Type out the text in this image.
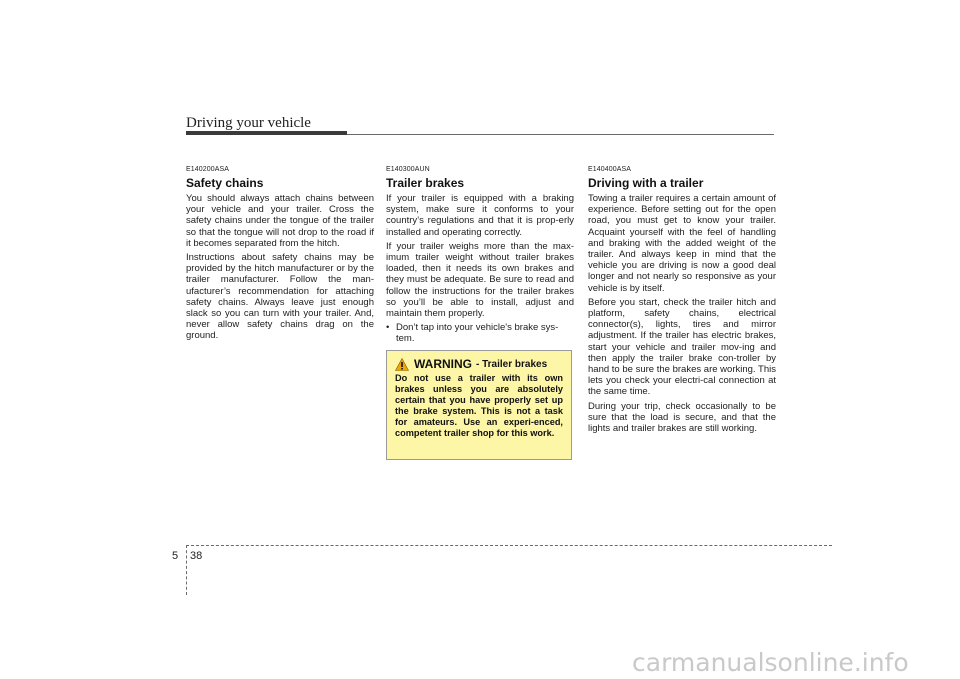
Driving your vehicle
E140200ASA
Safety chains

You should always attach chains between your vehicle and your trailer. Cross the safety chains under the tongue of the trailer so that the tongue will not drop to the road if it becomes separated from the hitch.

Instructions about safety chains may be provided by the hitch manufacturer or by the trailer manufacturer. Follow the man-ufacturer’s recommendation for attaching safety chains. Always leave just enough slack so you can turn with your trailer. And, never allow safety chains drag on the ground.

E140300AUN
Trailer brakes

If your trailer is equipped with a braking system, make sure it conforms to your country’s regulations and that it is prop-erly installed and operating correctly.

If your trailer weighs more than the max-imum trailer weight without trailer brakes loaded, then it needs its own brakes and they must be adequate. Be sure to read and follow the instructions for the trailer brakes so you’ll be able to install, adjust and maintain them properly.

• Don’t tap into your vehicle's brake sys-tem.
WARNING - Trailer brakes
Do not use a trailer with its own brakes unless you are absolutely certain that you have properly set up the brake system. This is not a task for amateurs. Use an experi-enced, competent trailer shop for this work.
E140400ASA
Driving with a trailer

Towing a trailer requires a certain amount of experience. Before setting out for the open road, you must get to know your trailer. Acquaint yourself with the feel of handling and braking with the added weight of the trailer. And always keep in mind that the vehicle you are driving is now a good deal longer and not nearly so responsive as your vehicle is by itself.

Before you start, check the trailer hitch and platform, safety chains, electrical connector(s), lights, tires and mirror adjustment. If the trailer has electric brakes, start your vehicle and trailer mov-ing and then apply the trailer brake con-troller by hand to be sure the brakes are working. This lets you check your electri-cal connection at the same time.

During your trip, check occasionally to be sure that the load is secure, and that the lights and trailer brakes are still working.

5 38
carmanualsonline.info
